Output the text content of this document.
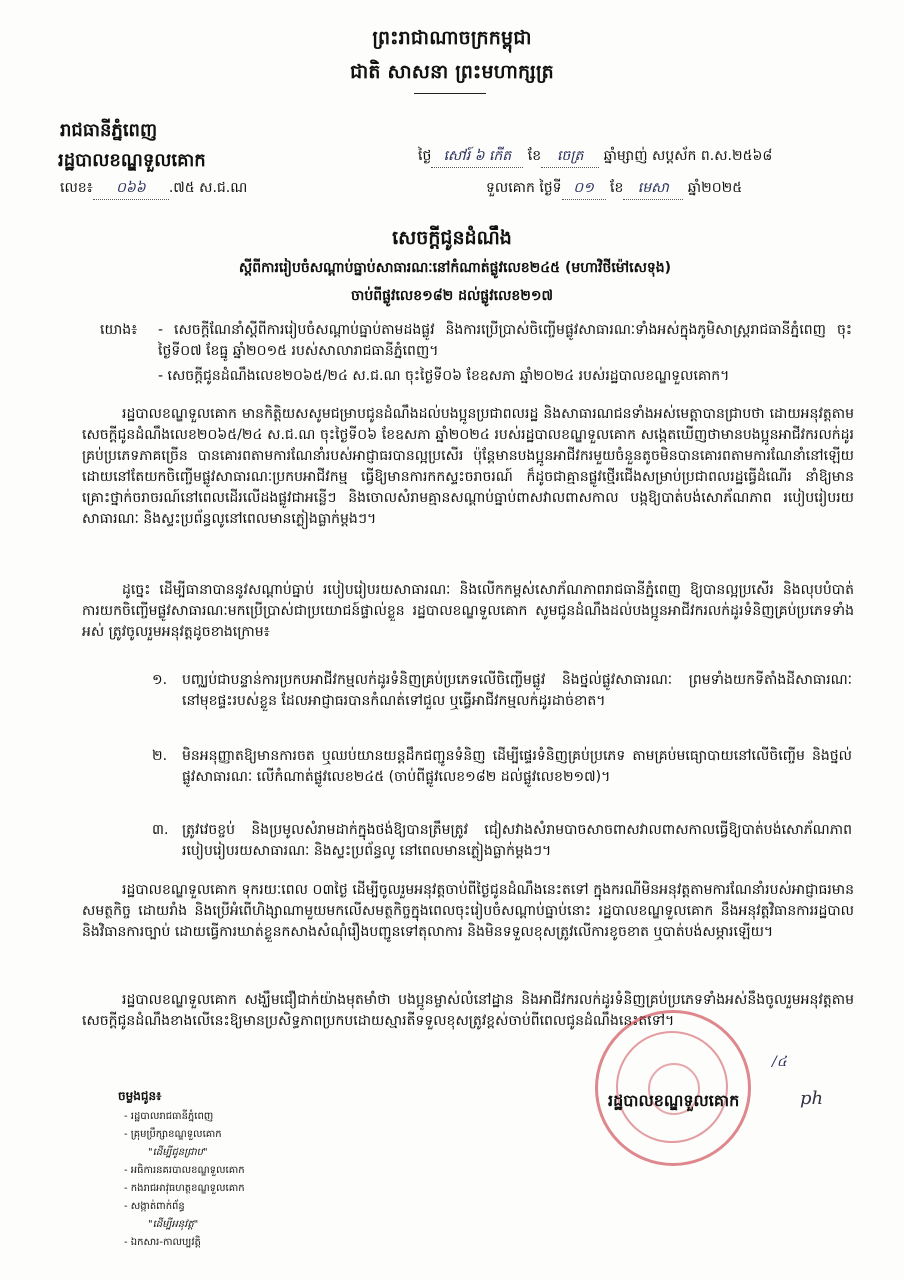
ព្រះរាជាណាចក្រកម្ពុជា
ជាតិ សាសនា ព្រះមហាក្សត្រ
រាជធានីភ្នំពេញ
រដ្ឋបាលខណ្ឌទួលគោក
លេខ៖ ០៦៦ .៧៥ ស.ជ.ណ
ថ្ងៃ សៅរ៍ ៦ កើត ខែ ចេត្រ ឆ្នាំម្សាញ់ សប្តស័ក ព.ស.២៥៦៨
ទួលគោក ថ្ងៃទី ០១ ខែ មេសា ឆ្នាំ២០២៥
សេចក្តីជូនដំណឹង
ស្តីពីការរៀបចំសណ្តាប់ធ្នាប់សាធារណៈនៅកំណាត់ផ្លូវលេខ២៤៥ (មហាវិថីម៉ៅសេទុង)
ចាប់ពីផ្លូវលេខ១៨២ ដល់ផ្លូវលេខ២១៧
យោង៖ - សេចក្តីណែនាំស្តីពីការរៀបចំសណ្តាប់ធ្នាប់តាមដងផ្លូវ និងការប្រើប្រាស់ចិញ្ចើមផ្លូវសាធារណៈទាំងអស់ក្នុងភូមិសាស្ត្ររាជធានីភ្នំពេញ ចុះថ្ងៃទី០៧ ខែធ្នូ ឆ្នាំ២០១៥ របស់សាលារាជធានីភ្នំពេញ។
- សេចក្តីជូនដំណឹងលេខ២០៦៥/២៤ ស.ជ.ណ ចុះថ្ងៃទី០៦ ខែឧសភា ឆ្នាំ២០២៤ របស់រដ្ឋបាលខណ្ឌទួលគោក។
រដ្ឋបាលខណ្ឌទួលគោក មានកិត្តិយសសូមជម្រាបជូនដំណឹងដល់បងប្អូនប្រជាពលរដ្ឋ និងសាធារណជនទាំងអស់មេត្តាបានជ្រាបថា ដោយអនុវត្តតាមសេចក្តីជូនដំណឹងលេខ២០៦៥/២៤ ស.ជ.ណ ចុះថ្ងៃទី០៦ ខែឧសភា ឆ្នាំ២០២៤ របស់រដ្ឋបាលខណ្ឌទួលគោក សង្កេតឃើញថាមានបងប្អូនអាជីវករលក់ដូរគ្រប់ប្រភេទភាគច្រើន បានគោរពតាមការណែនាំរបស់អាជ្ញាធរបានល្អប្រសើរ ប៉ុន្តែមានបងប្អូនអាជីវករមួយចំនួនតូចមិនបានគោរពតាមការណែនាំនៅឡើយ ដោយនៅតែយកចិញ្ចើមផ្លូវសាធារណៈប្រកបអាជីវកម្ម ធ្វើឱ្យមានការកកស្ទះចរាចរណ៍ ក៏ដូចជាគ្មានផ្លូវថ្មើរជើងសម្រាប់ប្រជាពលរដ្ឋធ្វើដំណើរ នាំឱ្យមានគ្រោះថ្នាក់ចរាចរណ៍នៅពេលដើរលើដងផ្លូវជាអន្លើៗ និងចោលសំរាមគ្មានសណ្តាប់ធ្នាប់ពាសវាលពាសកាល បង្កឱ្យបាត់បង់សោភ័ណភាព របៀបរៀបរយសាធារណៈ និងស្ទះប្រព័ន្ធលូនៅពេលមានភ្លៀងធ្លាក់ម្តងៗ។
ដូច្នេះ ដើម្បីធានាបាននូវសណ្តាប់ធ្នាប់ របៀបរៀបរយសាធារណៈ និងលើកកម្ពស់សោភ័ណភាពរាជធានីភ្នំពេញ ឱ្យបានល្អប្រសើរ និងលុបបំបាត់ការយកចិញ្ចើមផ្លូវសាធារណៈមកប្រើប្រាស់ជាប្រយោជន៍ផ្ទាល់ខ្លួន រដ្ឋបាលខណ្ឌទួលគោក សូមជូនដំណឹងដល់បងប្អូនអាជីវករលក់ដូរទំនិញគ្រប់ប្រភេទទាំងអស់ ត្រូវចូលរួមអនុវត្តដូចខាងក្រោម៖
១. បញ្ឈប់ជាបន្ទាន់ការប្រកបអាជីវកម្មលក់ដូរទំនិញគ្រប់ប្រភេទលើចិញ្ចើមផ្លូវ និងថ្នល់ផ្លូវសាធារណៈ ព្រមទាំងយកទីតាំងដីសាធារណៈនៅមុខផ្ទះរបស់ខ្លួន ដែលអាជ្ញាធរបានកំណត់ទៅជួល ឬធ្វើអាជីវកម្មលក់ដូរដាច់ខាត។
២. មិនអនុញ្ញាតឱ្យមានការចត ឬឈប់យានយន្តដឹកជញ្ជូនទំនិញ ដើម្បីផ្ទេរទំនិញគ្រប់ប្រភេទ តាមគ្រប់មធ្យោបាយនៅលើចិញ្ចើម និងថ្នល់ផ្លូវសាធារណៈ លើកំណាត់ផ្លូវលេខ២៤៥ (ចាប់ពីផ្លូវលេខ១៨២ ដល់ផ្លូវលេខ២១៧)។
៣. ត្រូវវេចខ្ចប់ និងប្រមូលសំរាមដាក់ក្នុងថង់ឱ្យបានត្រឹមត្រូវ ជៀសវាងសំរាមបាចសាចពាសវាលពាសកាលធ្វើឱ្យបាត់បង់សោភ័ណភាព របៀបរៀបរយសាធារណៈ និងស្ទះប្រព័ន្ធលូ នៅពេលមានភ្លៀងធ្លាក់ម្តងៗ។
រដ្ឋបាលខណ្ឌទួលគោក ទុករយៈពេល ០៣ថ្ងៃ ដើម្បីចូលរួមអនុវត្តចាប់ពីថ្ងៃជូនដំណឹងនេះតទៅ ក្នុងករណីមិនអនុវត្តតាមការណែនាំរបស់អាជ្ញាធរមានសមត្ថកិច្ច ដោយរាំង និងប្រើអំពើហិង្សាណាមួយមកលើសមត្ថកិច្ចក្នុងពេលចុះរៀបចំសណ្តាប់ធ្នាប់នោះ រដ្ឋបាលខណ្ឌទួលគោក នឹងអនុវត្តវិធានការរដ្ឋបាល និងវិធានការច្បាប់ ដោយធ្វើការឃាត់ខ្លួនកសាងសំណុំរឿងបញ្ជូនទៅតុលាការ និងមិនទទួលខុសត្រូវលើការខូចខាត ឬបាត់បង់សម្ភារឡើយ។
រដ្ឋបាលខណ្ឌទួលគោក សង្ឃឹមជឿជាក់យ៉ាងមុតមាំថា បងប្អូនម្ចាស់លំនៅដ្ឋាន និងអាជីវករលក់ដូរទំនិញគ្រប់ប្រភេទទាំងអស់នឹងចូលរួមអនុវត្តតាមសេចក្តីជូនដំណឹងខាងលើនេះឱ្យមានប្រសិទ្ធភាពប្រកបដោយស្មារតីទទួលខុសត្រូវខ្ពស់ចាប់ពីពេលជូនដំណឹងនេះតទៅ។
/៤
ចម្លងជូន៖
- រដ្ឋបាលរាជធានីភ្នំពេញ
- គ្រុមប្រឹក្សាខណ្ឌទួលគោក
"ដើម្បីជូនជ្រាប"
- អធិការនគរបាលខណ្ឌទួលគោក
- កងរាជអាវុធហត្ថខណ្ឌទួលគោក
- សង្កាត់ពាក់ព័ន្ធ
"ដើម្បីអនុវត្ត"
- ឯកសារ-កាលប្បវត្តិ
រដ្ឋបាលខណ្ឌទួលគោក	ph
